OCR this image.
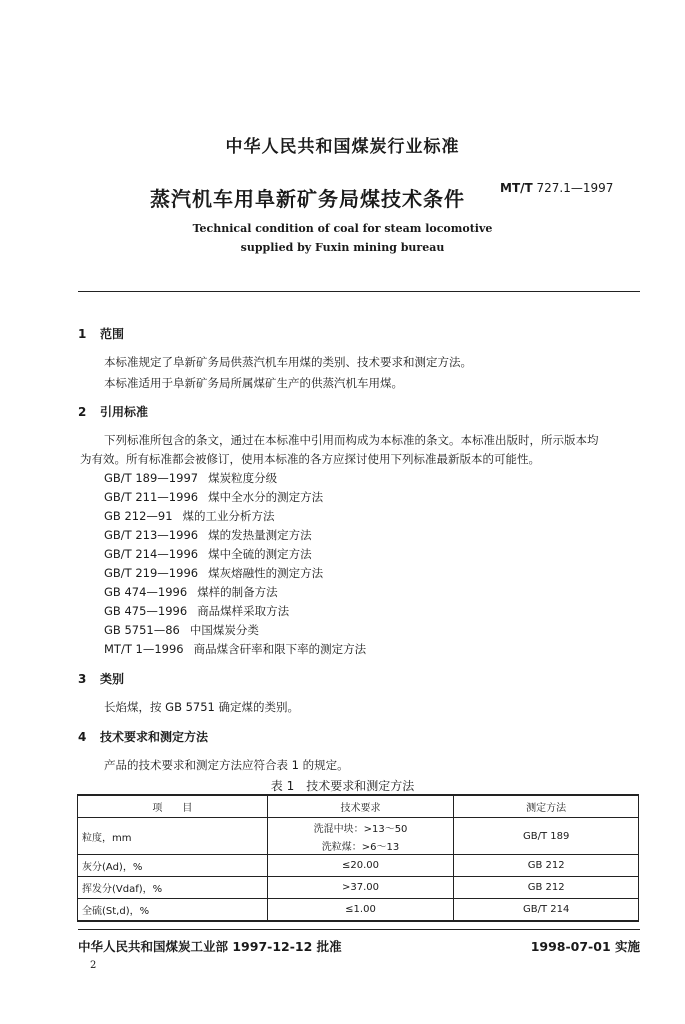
中华人民共和国煤炭行业标准
蒸汽机车用阜新矿务局煤技术条件	MT/T 727.1—1997
Technical condition of coal for steam locomotive
supplied by Fuxin mining bureau
1 范围
本标准规定了阜新矿务局供蒸汽机车用煤的类别、技术要求和测定方法。
本标准适用于阜新矿务局所属煤矿生产的供蒸汽机车用煤。
2 引用标准
下列标准所包含的条文，通过在本标准中引用而构成为本标准的条文。本标准出版时，所示版本均
为有效。所有标准都会被修订，使用本标准的各方应探讨使用下列标准最新版本的可能性。
GB/T 189—1997 煤炭粒度分级
GB/T 211—1996 煤中全水分的测定方法
GB 212—91 煤的工业分析方法
GB/T 213—1996 煤的发热量测定方法
GB/T 214—1996 煤中全硫的测定方法
GB/T 219—1996 煤灰熔融性的测定方法
GB 474—1996 煤样的制备方法
GB 475—1996 商品煤样采取方法
GB 5751—86 中国煤炭分类
MT/T 1—1996 商品煤含矸率和限下率的测定方法
3 类别
长焰煤，按 GB 5751 确定煤的类别。
4 技术要求和测定方法
产品的技术要求和测定方法应符合表 1 的规定。
表 1　技术要求和测定方法
项　　目	技术要求	测定方法
粒度，mm	洗混中块：>13～50	GB/T 189
	洗粒煤：>6～13	
灰分(Ad)，%	≤20.00	GB 212
挥发分(Vdaf)，%	>37.00	GB 212
全硫(St,d)，%	≤1.00	GB/T 214
中华人民共和国煤炭工业部 1997-12-12 批准	1998-07-01 实施
2
